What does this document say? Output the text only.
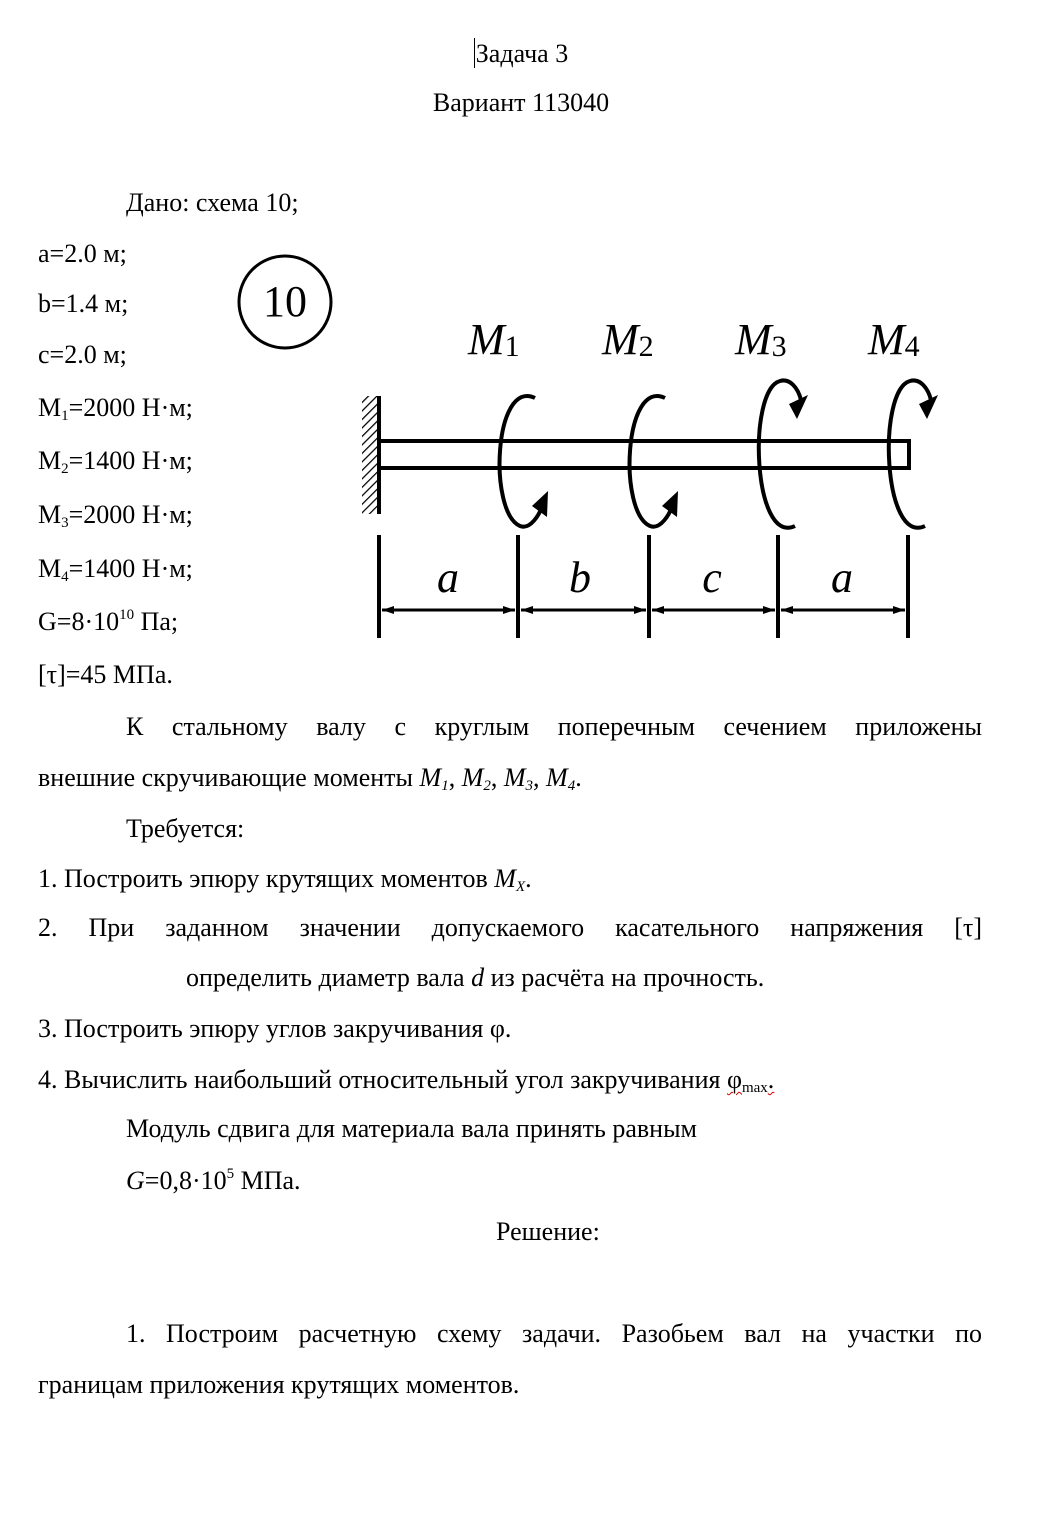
Задача 3
Вариант 113040
Дано: схема 10;
a=2.0 м;
b=1.4 м;
c=2.0 м;
$M_1=2000$ Н·м;
$M_2=1400$ Н·м;
$M_3=2000$ Н·м;
$M_4=1400$ Н·м;
$G=8\cdot 10^{10}$ Па;
[τ]=45 МПа.
10
M1 M2 M3 M4
a	b	c a
К стальному валу с круглым поперечным сечением приложены
внешние скручивающие моменты $M_1$, $M_2$, $M_3$, $M_4$.
Требуется:
1. Построить эпюру крутящих моментов $M_X$.
2. При заданном значении допускаемого касательного напряжения [τ]
определить диаметр вала d из расчёта на прочность.
3. Построить эпюру углов закручивания φ.
4. Вычислить наибольший относительный угол закручивания $\varphi_{max}$.
Модуль сдвига для материала вала принять равным
$G=0,8\cdot 10^5$ МПа.
Решение:
1. Построим расчетную схему задачи. Разобьем вал на участки по
границам приложения крутящих моментов.
